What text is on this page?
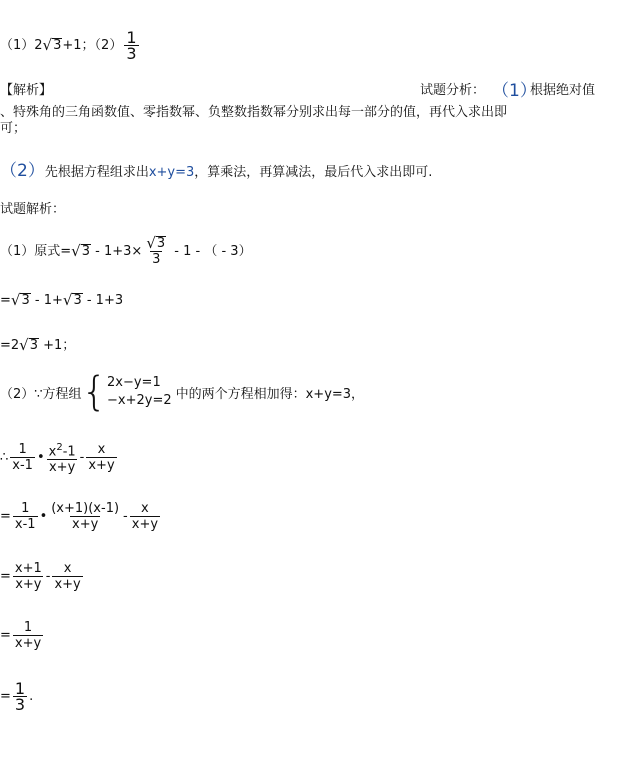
（1）2 √ 3 +1；$(2) \frac{1}{3}$
【解析】	试题分析： （1）
根据绝对值
、特殊角的三角函数值、零指数幂、负整数指数幂分别求出每一部分的值，再代入求出即
可；
（2）先根据方程组求出x+y=3，算乘法，再算减法，最后代入求出即可.
试题解析：
（1）原式= √ $3 - 1+3\times \frac{√ 3}{3} - 1$ - （ - 3）
= √ 3 - 1+ √ 3 - 1+3
=2 √ 3 +1；
（2）∵方程组{ 2x−y=1
−x+2y=2 中的两个方程相加得：x+y=3，
∴ $\frac{1}{x-1}$ • $\frac{x^2-1}{x+y} - \frac{x}{x+y}$
= $\frac{1}{x-1}$ • $\frac{(x+1)(x-1)}{x+y} - \frac{x}{x+y}$
= $\frac{x+1}{x+y} - \frac{x}{x+y}$
= $\frac{1}{x+y}$
= $\frac{1}{3}$ .
